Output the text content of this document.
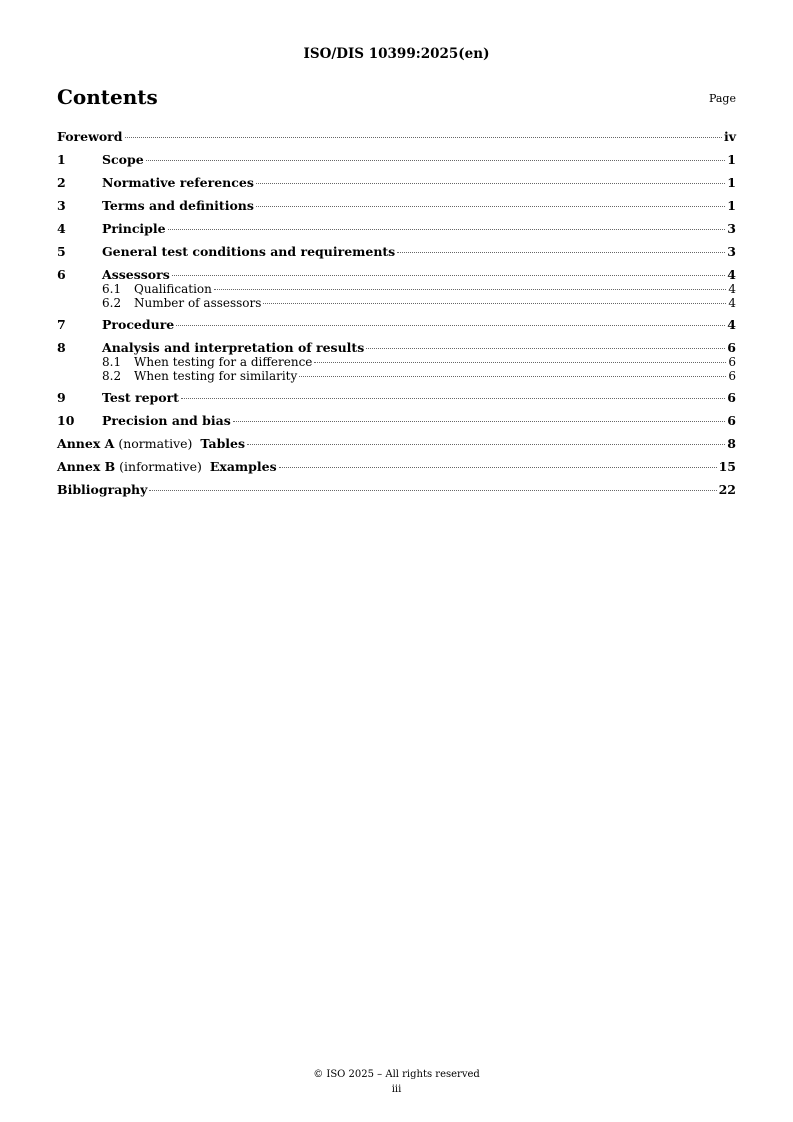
ISO/DIS 10399:2025(en)
Contents	Page
Foreword	iv
1	Scope	1
2	Normative references	1
3	Terms and definitions	1
4	Principle	3
5	General test conditions and requirements	3
6	Assessors	4
6.1	Qualification	4
6.2	Number of assessors	4
7	Procedure	4
8	Analysis and interpretation of results	6
8.1	When testing for a difference	6
8.2	When testing for similarity	6
9	Test report	6
10	Precision and bias	6
Annex A (normative)  Tables	8
Annex B (informative)  Examples	15
Bibliography	22
© ISO 2025 – All rights reserved
iii
